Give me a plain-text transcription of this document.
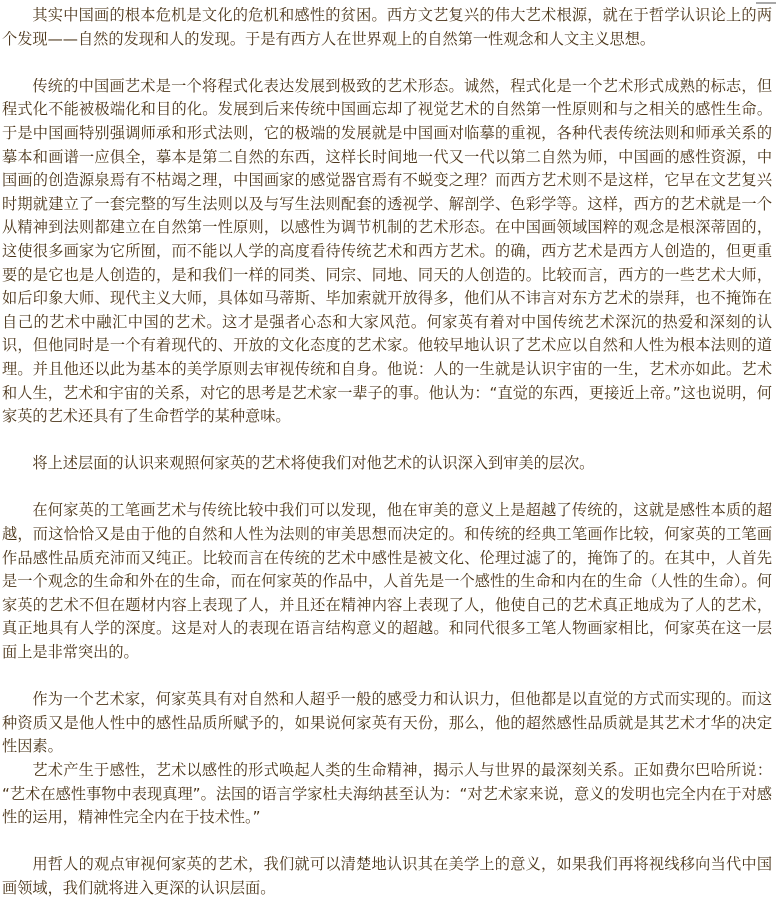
其实中国画的根本危机是文化的危机和感性的贫困。西方文艺复兴的伟大艺术根源，就在于哲学认识论上的两个发现——自然的发现和人的发现。于是有西方人在世界观上的自然第一性观念和人文主义思想。

传统的中国画艺术是一个将程式化表达发展到极致的艺术形态。诚然，程式化是一个艺术形式成熟的标志，但程式化不能被极端化和目的化。发展到后来传统中国画忘却了视觉艺术的自然第一性原则和与之相关的感性生命。于是中国画特别强调师承和形式法则，它的极端的发展就是中国画对临摹的重视，各种代表传统法则和师承关系的摹本和画谱一应俱全，摹本是第二自然的东西，这样长时间地一代又一代以第二自然为师，中国画的感性资源，中国画的创造源泉焉有不枯竭之理，中国画家的感觉器官焉有不蜕变之理？而西方艺术则不是这样，它早在文艺复兴时期就建立了一套完整的写生法则以及与写生法则配套的透视学、解剖学、色彩学等。这样，西方的艺术就是一个从精神到法则都建立在自然第一性原则，以感性为调节机制的艺术形态。在中国画领域国粹的观念是根深蒂固的，这使很多画家为它所囿，而不能以人学的高度看待传统艺术和西方艺术。的确，西方艺术是西方人创造的，但更重要的是它也是人创造的，是和我们一样的同类、同宗、同地、同天的人创造的。比较而言，西方的一些艺术大师，如后印象大师、现代主义大师，具体如马蒂斯、毕加索就开放得多，他们从不讳言对东方艺术的崇拜，也不掩饰在自己的艺术中融汇中国的艺术。这才是强者心态和大家风范。何家英有着对中国传统艺术深沉的热爱和深刻的认识，但他同时是一个有着现代的、开放的文化态度的艺术家。他较早地认识了艺术应以自然和人性为根本法则的道理。并且他还以此为基本的美学原则去审视传统和自身。他说：人的一生就是认识宇宙的一生，艺术亦如此。艺术和人生，艺术和宇宙的关系，对它的思考是艺术家一辈子的事。他认为：“直觉的东西，更接近上帝。”这也说明，何家英的艺术还具有了生命哲学的某种意味。

将上述层面的认识来观照何家英的艺术将使我们对他艺术的认识深入到审美的层次。

在何家英的工笔画艺术与传统比较中我们可以发现，他在审美的意义上是超越了传统的，这就是感性本质的超越，而这恰恰又是由于他的自然和人性为法则的审美思想而决定的。和传统的经典工笔画作比较，何家英的工笔画作品感性品质充沛而又纯正。比较而言在传统的艺术中感性是被文化、伦理过滤了的，掩饰了的。在其中，人首先是一个观念的生命和外在的生命，而在何家英的作品中，人首先是一个感性的生命和内在的生命（人性的生命）。何家英的艺术不但在题材内容上表现了人，并且还在精神内容上表现了人，他使自己的艺术真正地成为了人的艺术，真正地具有人学的深度。这是对人的表现在语言结构意义的超越。和同代很多工笔人物画家相比，何家英在这一层面上是非常突出的。

作为一个艺术家，何家英具有对自然和人超乎一般的感受力和认识力，但他都是以直觉的方式而实现的。而这种资质又是他人性中的感性品质所赋予的，如果说何家英有天份，那么，他的超然感性品质就是其艺术才华的决定性因素。

艺术产生于感性，艺术以感性的形式唤起人类的生命精神，揭示人与世界的最深刻关系。正如费尔巴哈所说：“艺术在感性事物中表现真理”。法国的语言学家杜夫海纳甚至认为：“对艺术家来说，意义的发明也完全内在于对感性的运用，精神性完全内在于技术性。”

用哲人的观点审视何家英的艺术，我们就可以清楚地认识其在美学上的意义，如果我们再将视线移向当代中国画领域，我们就将进入更深的认识层面。
